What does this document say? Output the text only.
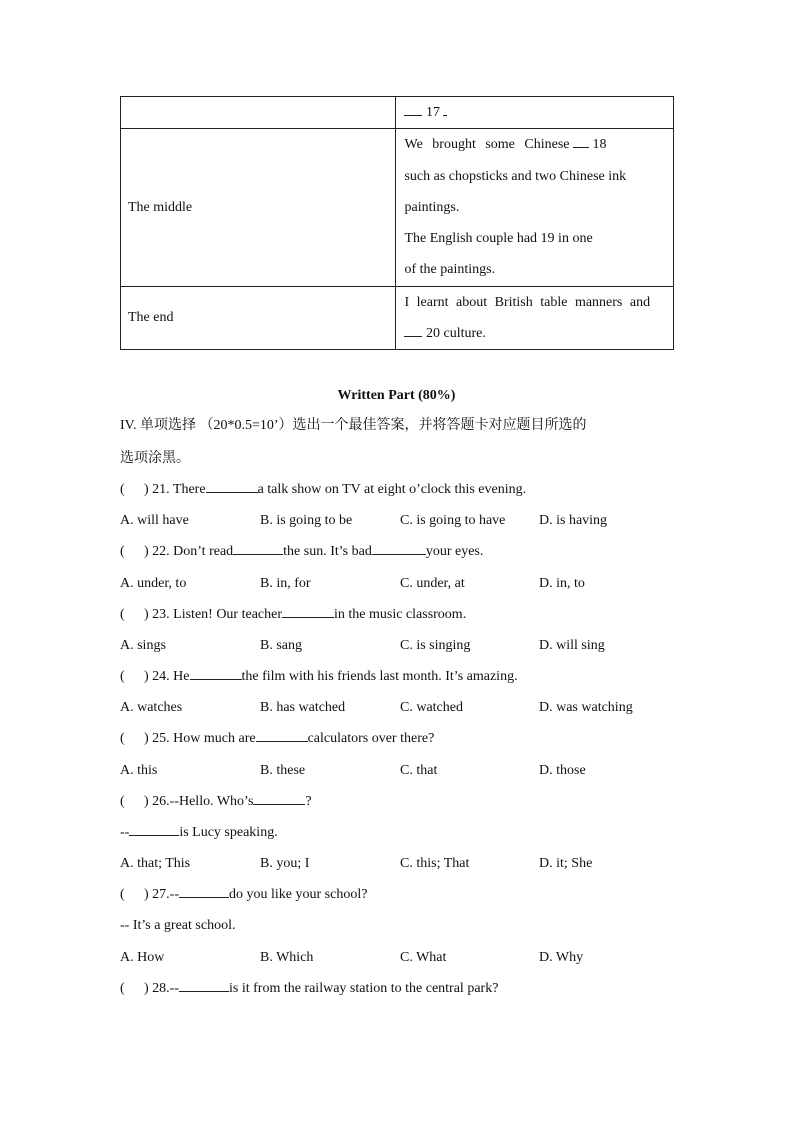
	17

The middle	We brought some Chinese 18
such as chopsticks and two Chinese ink
paintings.
The English couple had 19 in one
of the paintings.

The end	I learnt about British table manners and
20 culture.
Written Part (80%)
IV. 单项选择 （20*0.5=10’）选出一个最佳答案，并将答题卡对应题目所选的
选项涂黑。
( ) 21. There	a talk show on TV at eight o’clock this evening.
A. will have	B. is going to be	C. is going to have D. is having
( ) 22. Don’t read	the sun. It’s bad	your eyes.
A. under, to	B. in, for	C. under, at	D. in, to
( ) 23. Listen! Our teacher	in the music classroom.
A. sings	B. sang	C. is singing	D. will sing
( ) 24. He	the film with his friends last month. It’s amazing.
A. watches	B. has watched	C. watched	D. was watching
( ) 25. How much are	calculators over there?
A. this	B. these	C. that	D. those
( ) 26.--Hello. Who’s	?
--	is Lucy speaking.
A. that; This	B. you; I	C. this; That	D. it; She
( ) 27.--	do you like your school?
-- It’s a great school.
A. How	B. Which	C. What	D. Why
( ) 28.--	is it from the railway station to the central park?
